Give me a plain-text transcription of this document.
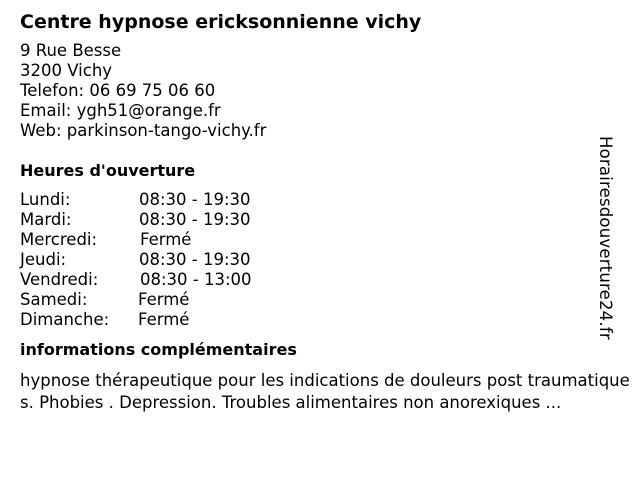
Centre hypnose ericksonnienne vichy
9 Rue Besse
3200 Vichy
Telefon: 06 69 75 06 60
Email: ygh51@orange.fr
Web: parkinson-tango-vichy.fr
Heures d'ouverture
Lundi:	08:30 - 19:30
Mardi:	08:30 - 19:30
Mercredi:	Fermé
Jeudi:	08:30 - 19:30
Vendredi:	08:30 - 13:00
Samedi:	Fermé
Dimanche: Fermé
informations complémentaires
hypnose thérapeutique pour les indications de douleurs post traumatiques. Phobies . Depression. Troubles alimentaires non anorexiques ...
Horairesdouverture24.fr
